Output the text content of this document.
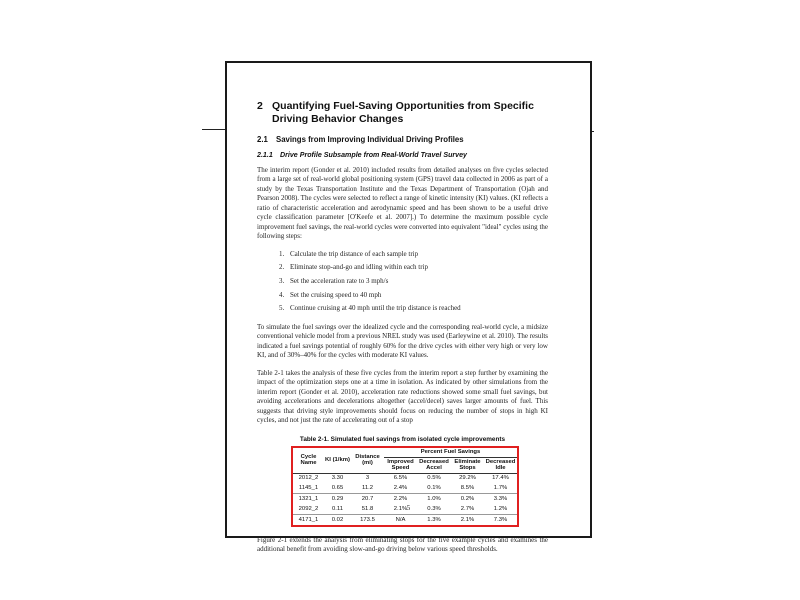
2 Quantifying Fuel-Saving Opportunities from Specific Driving Behavior Changes
2.1	Savings from Improving Individual Driving Profiles
2.1.1	Drive Profile Subsample from Real-World Travel Survey

The interim report (Gonder et al. 2010) included results from detailed analyses on five cycles selected from a large set of real-world global positioning system (GPS) travel data collected in 2006 as part of a study by the Texas Transportation Institute and the Texas Department of Transportation (Ojah and Pearson 2008). The cycles were selected to reflect a range of kinetic intensity (KI) values. (KI reflects a ratio of characteristic acceleration and aerodynamic speed and has been shown to be a useful drive cycle classification parameter [O'Keefe et al. 2007].) To determine the maximum possible cycle improvement fuel savings, the real-world cycles were converted into equivalent "ideal" cycles using the following steps:

1. Calculate the trip distance of each sample trip
2. Eliminate stop-and-go and idling within each trip
3. Set the acceleration rate to 3 mph/s
4. Set the cruising speed to 40 mph
5. Continue cruising at 40 mph until the trip distance is reached

To simulate the fuel savings over the idealized cycle and the corresponding real-world cycle, a midsize conventional vehicle model from a previous NREL study was used (Earleywine et al. 2010). The results indicated a fuel savings potential of roughly 60% for the drive cycles with either very high or very low KI, and of 30%–40% for the cycles with moderate KI values.

Table 2-1 takes the analysis of these five cycles from the interim report a step further by examining the impact of the optimization steps one at a time in isolation. As indicated by other simulations from the interim report (Gonder et al. 2010), acceleration rate reductions showed some small fuel savings, but avoiding accelerations and decelerations altogether (accel/decel) saves larger amounts of fuel. This suggests that driving style improvements should focus on reducing the number of stops in high KI cycles, and not just the rate of accelerating out of a stop

Table 2-1. Simulated fuel savings from isolated cycle improvements
Cycle Name	KI (1/km)	Distance (mi)	Percent Fuel Savings			
			Improved Speed	Decreased Accel	Eliminate Stops	Decreased Idle
2012_2	3.30	3	6.5%	0.5%	29.2%	17.4%
1145_1	0.65	11.2	2.4%	0.1%	8.5%	1.7%
1321_1	0.29	20.7	2.2%	1.0%	0.2%	3.3%
2092_2	0.11	51.8	2.1%	0.3%	2.7%	1.2%
4171_1	0.02	173.5	N/A	1.3%	2.1%	7.3%

Figure 2-1 extends the analysis from eliminating stops for the five example cycles and examines the additional benefit from avoiding slow-and-go driving below various speed thresholds.

5
